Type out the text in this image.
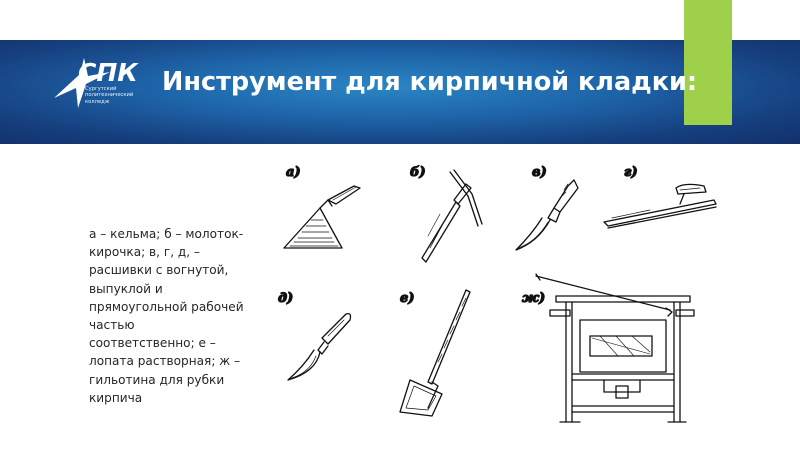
СПК
Сургутский политехнический колледж
Инструмент для кирпичной кладки:
а – кельма; б – молоток-кирочка; в, г, д, – расшивки с вогнутой, выпуклой и прямоугольной рабочей частью соответственно; е – лопата растворная; ж – гильотина для рубки кирпича
а)	б)	в)	г)
д)	е)	ж)
